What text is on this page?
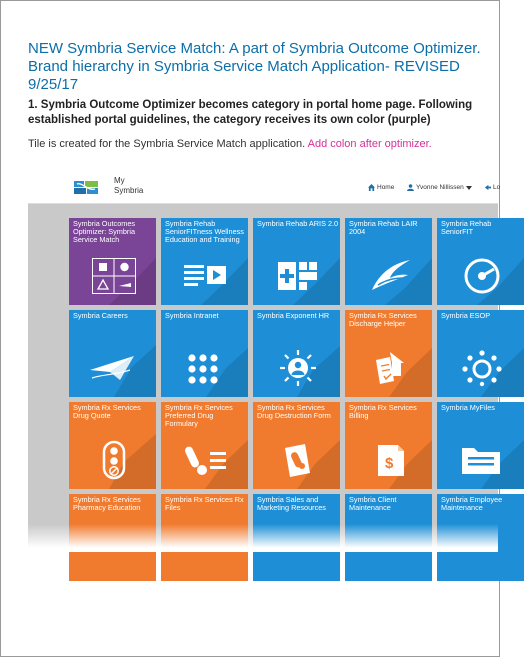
NEW Symbria Service Match: A part of Symbria Outcome Optimizer. Brand hierarchy in Symbria Service Match Application- REVISED 9/25/17
1. Symbria Outcome Optimizer becomes category in portal home page. Following established portal guidelines, the category receives its own color (purple)
Tile is created for the Symbria Service Match application. Add colon after optimizer.
My
Symbria	Home	Yvonne Nillissen	Lo
Symbria Outcomes Optimizer: Symbria Service Match
Symbria Rehab SeniorFITness Wellness Education and Training
Symbria Rehab ARIS 2.0 Symbria Rehab LAIR 2004
Symbria Rehab SeniorFIT
Symbria Careers	Symbria Intranet	Symbria Exponent HR	Symbria Rx Services Discharge Helper
Symbria ESOP
Symbria Rx Services Drug Quote
Symbria Rx Services Preferred Drug Formulary
Symbria Rx Services Drug Destruction Form
Symbria Rx Services Billing
$
Symbria MyFiles
Symbria Rx Services Pharmacy Education
Symbria Rx Services Rx Files
Symbria Sales and Marketing Resources
Symbria Client Maintenance
Symbria Employee Maintenance
